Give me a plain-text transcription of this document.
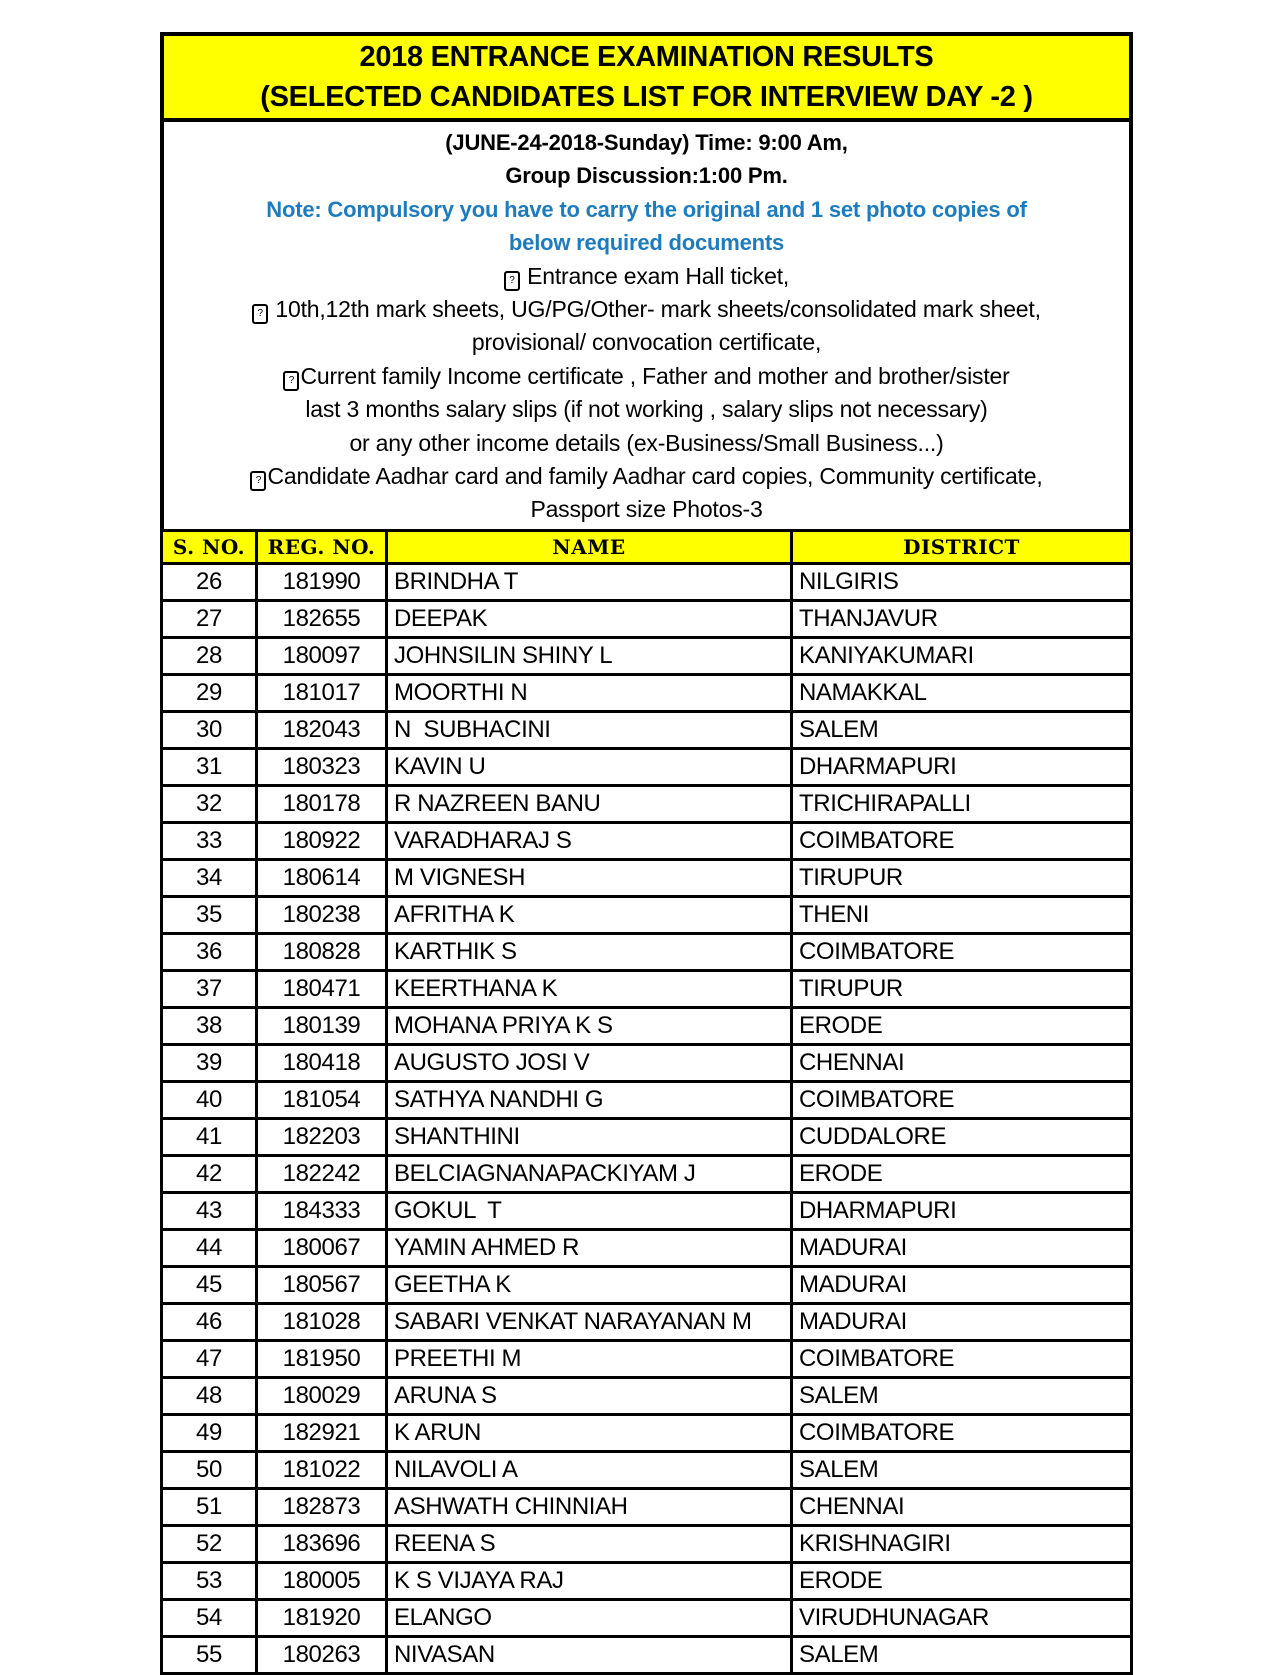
2018 ENTRANCE EXAMINATION RESULTS
(SELECTED CANDIDATES LIST FOR INTERVIEW DAY -2 )
(JUNE-24-2018-Sunday) Time: 9:00 Am,
Group Discussion:1:00 Pm.
Note: Compulsory you have to carry the original and 1 set photo copies of
below required documents
? Entrance exam Hall ticket,
? 10th,12th mark sheets, UG/PG/Other- mark sheets/consolidated mark sheet,
provisional/ convocation certificate,
? Current family Income certificate , Father and mother and brother/sister
last 3 months salary slips (if not working , salary slips not necessary)
or any other income details (ex-Business/Small Business...)
? Candidate Aadhar card and family Aadhar card copies, Community certificate,
Passport size Photos-3
S. NO.	REG. NO.	NAME	DISTRICT
26	181990	BRINDHA T	NILGIRIS
27	182655	DEEPAK	THANJAVUR
28	180097	JOHNSILIN SHINY L	KANIYAKUMARI
29	181017	MOORTHI N	NAMAKKAL
30	182043	N  SUBHACINI	SALEM
31	180323	KAVIN U	DHARMAPURI
32	180178	R NAZREEN BANU	TRICHIRAPALLI
33	180922	VARADHARAJ S	COIMBATORE
34	180614	M VIGNESH	TIRUPUR
35	180238	AFRITHA K	THENI
36	180828	KARTHIK S	COIMBATORE
37	180471	KEERTHANA K	TIRUPUR
38	180139	MOHANA PRIYA K S	ERODE
39	180418	AUGUSTO JOSI V	CHENNAI
40	181054	SATHYA NANDHI G	COIMBATORE
41	182203	SHANTHINI	CUDDALORE
42	182242	BELCIAGNANAPACKIYAM J	ERODE
43	184333	GOKUL  T	DHARMAPURI
44	180067	YAMIN AHMED R	MADURAI
45	180567	GEETHA K	MADURAI
46	181028	SABARI VENKAT NARAYANAN M	MADURAI
47	181950	PREETHI M	COIMBATORE
48	180029	ARUNA S	SALEM
49	182921	K ARUN	COIMBATORE
50	181022	NILAVOLI A	SALEM
51	182873	ASHWATH CHINNIAH	CHENNAI
52	183696	REENA S	KRISHNAGIRI
53	180005	K S VIJAYA RAJ	ERODE
54	181920	ELANGO	VIRUDHUNAGAR
55	180263	NIVASAN	SALEM
